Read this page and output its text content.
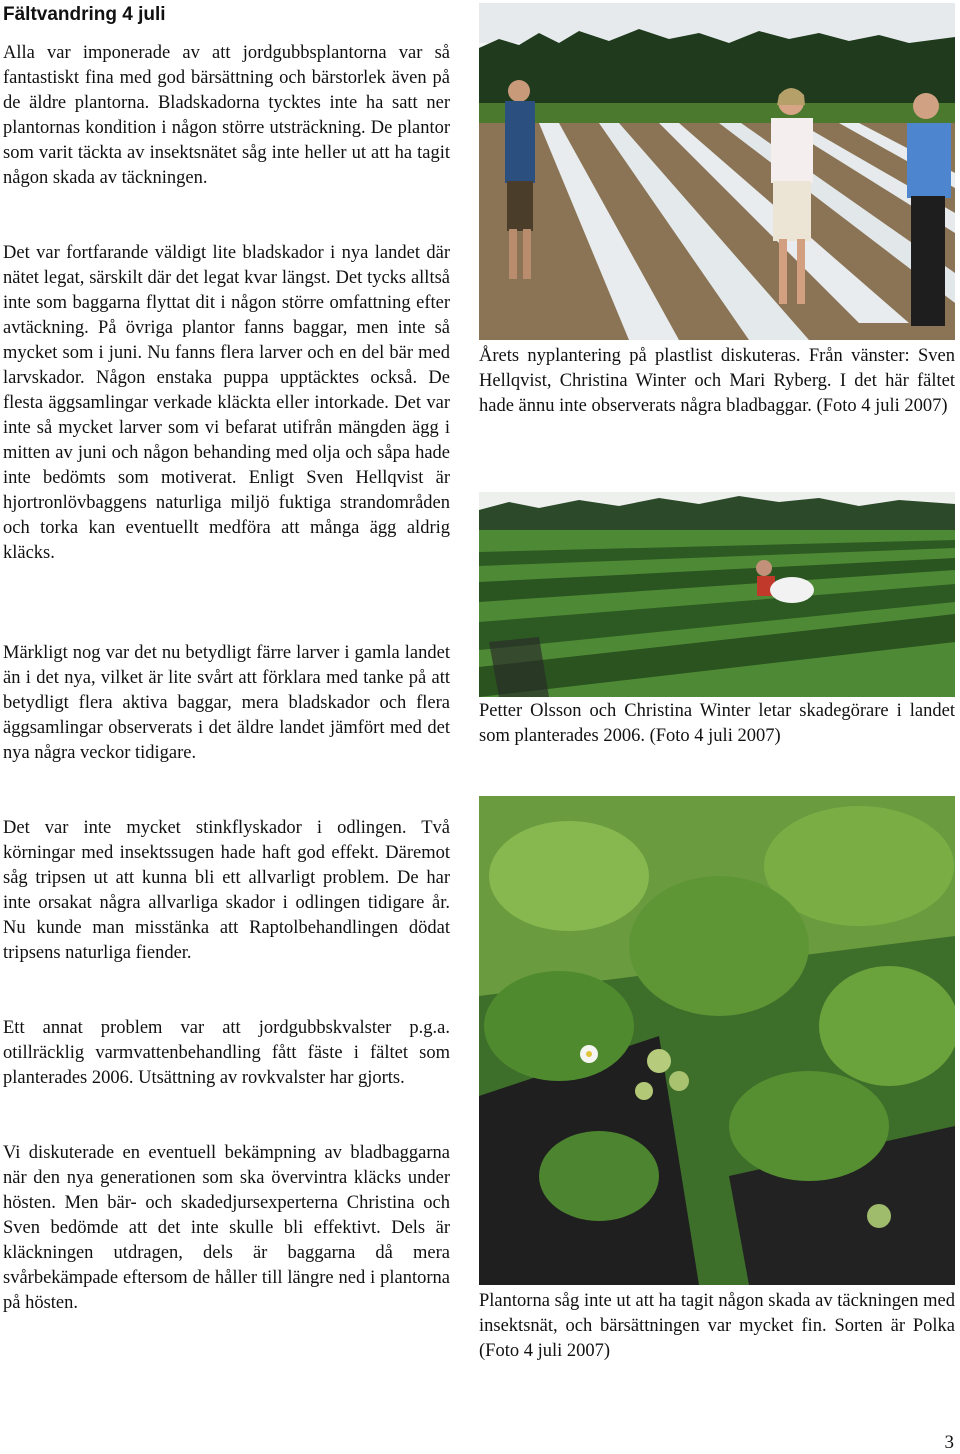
Fältvandring 4 juli

Alla var imponerade av att jordgubbsplantorna var så fantastiskt fina med god bärsättning och bärstorlek även på de äldre plantorna. Bladskadorna tycktes inte ha satt ner plantornas kondition i någon större utsträckning. De plantor som varit täckta av insektsnätet såg inte heller ut att ha tagit någon skada av täckningen.

Det var fortfarande väldigt lite bladskador i nya landet där nätet legat, särskilt där det legat kvar längst. Det tycks alltså inte som baggarna flyttat dit i någon större omfattning efter avtäckning. På övriga plantor fanns baggar, men inte så mycket som i juni. Nu fanns flera larver och en del bär med larvskador. Någon enstaka puppa upptäcktes också. De flesta äggsamlingar verkade kläckta eller intorkade. Det var inte så mycket larver som vi befarat utifrån mängden ägg i mitten av juni och någon behanding med olja och såpa hade inte bedömts som motiverat. Enligt Sven Hellqvist är hjortronlövbaggens naturliga miljö fuktiga strandområden och torka kan eventuellt medföra att många ägg aldrig kläcks.

Märkligt nog var det nu betydligt färre larver i gamla landet än i det nya, vilket är lite svårt att förklara med tanke på att betydligt flera aktiva baggar, mera bladskador och flera äggsamlingar observerats i det äldre landet jämfört med det nya några veckor tidigare.

Det var inte mycket stinkflyskador i odlingen. Två körningar med insektssugen hade haft god effekt. Däremot såg tripsen ut att kunna bli ett allvarligt problem. De har inte orsakat några allvarliga skador i odlingen tidigare år. Nu kunde man misstänka att Raptolbehandlingen dödat tripsens naturliga fiender.

Ett annat problem var att jordgubbskvalster p.g.a. otillräcklig varmvattenbehandling fått fäste i fältet som planterades 2006. Utsättning av rovkvalster har gjorts.

Vi diskuterade en eventuell bekämpning av bladbaggarna när den nya generationen som ska övervintra kläcks under hösten. Men bär- och skadedjursexperterna Christina och Sven bedömde att det inte skulle bli effektivt. Dels är kläckningen utdragen, dels är baggarna då mera svårbekämpade eftersom de håller till längre ned i plantorna på hösten.

Årets nyplantering på plastlist diskuteras. Från vänster: Sven Hellqvist, Christina Winter och Mari Ryberg. I det här fältet hade ännu inte observerats några bladbaggar. (Foto 4 juli 2007)

Petter Olsson och Christina Winter letar skadegörare i landet som planterades 2006. (Foto 4 juli 2007)

Plantorna såg inte ut att ha tagit någon skada av täckningen med insektsnät, och bärsättningen var mycket fin. Sorten är Polka (Foto 4 juli 2007)

3
